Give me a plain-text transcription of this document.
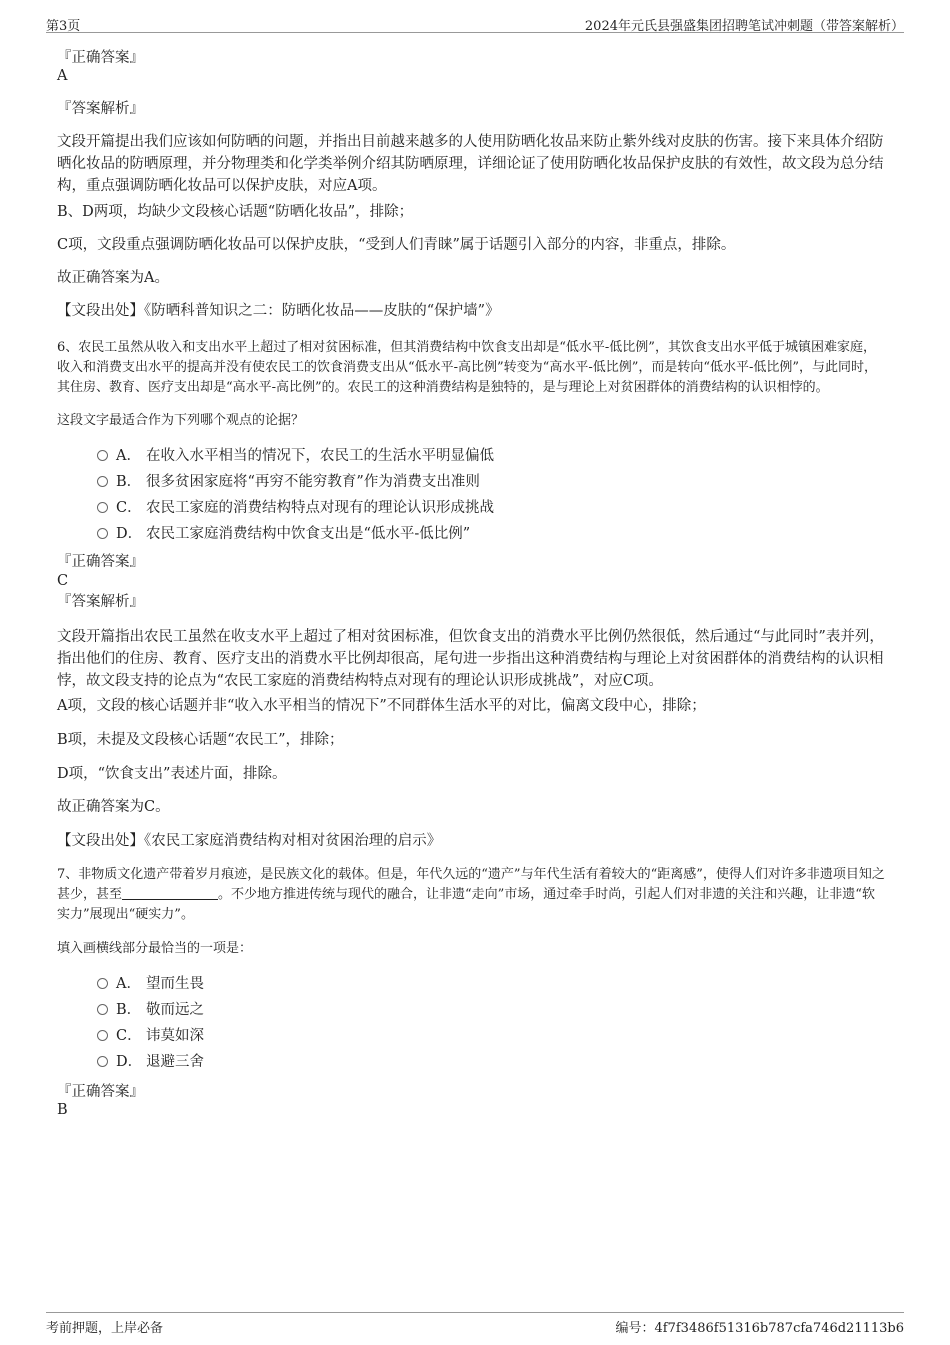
第3页	2024年元氏县强盛集团招聘笔试冲刺题（带答案解析）
『正确答案』
A
『答案解析』
文段开篇提出我们应该如何防晒的问题，并指出目前越来越多的人使用防晒化妆品来防止紫外线对皮肤的伤害。接下来具体介绍防晒化妆品的防晒原理，并分物理类和化学类举例介绍其防晒原理，详细论证了使用防晒化妆品保护皮肤的有效性，故文段为总分结构，重点强调防晒化妆品可以保护皮肤，对应A项。
B、D两项，均缺少文段核心话题“防晒化妆品”，排除；
C项，文段重点强调防晒化妆品可以保护皮肤，“受到人们青睐”属于话题引入部分的内容，非重点，排除。
故正确答案为A。
【文段出处】《防晒科普知识之二：防晒化妆品——皮肤的“保护墙”》
6、农民工虽然从收入和支出水平上超过了相对贫困标准，但其消费结构中饮食支出却是“低水平-低比例”，其饮食支出水平低于城镇困难家庭，收入和消费支出水平的提高并没有使农民工的饮食消费支出从“低水平-高比例”转变为“高水平-低比例”，而是转向“低水平-低比例”，与此同时，其住房、教育、医疗支出却是“高水平-高比例”的。农民工的这种消费结构是独特的，是与理论上对贫困群体的消费结构的认识相悖的。
这段文字最适合作为下列哪个观点的论据？
A． 在收入水平相当的情况下，农民工的生活水平明显偏低
B． 很多贫困家庭将“再穷不能穷教育”作为消费支出准则
C． 农民工家庭的消费结构特点对现有的理论认识形成挑战
D． 农民工家庭消费结构中饮食支出是“低水平-低比例”
『正确答案』
C
『答案解析』
文段开篇指出农民工虽然在收支水平上超过了相对贫困标准，但饮食支出的消费水平比例仍然很低，然后通过“与此同时”表并列，指出他们的住房、教育、医疗支出的消费水平比例却很高，尾句进一步指出这种消费结构与理论上对贫困群体的消费结构的认识相悖，故文段支持的论点为“农民工家庭的消费结构特点对现有的理论认识形成挑战”，对应C项。
A项，文段的核心话题并非“收入水平相当的情况下”不同群体生活水平的对比，偏离文段中心，排除；
B项，未提及文段核心话题“农民工”，排除；
D项，“饮食支出”表述片面，排除。
故正确答案为C。
【文段出处】《农民工家庭消费结构对相对贫困治理的启示》
7、非物质文化遗产带着岁月痕迹，是民族文化的载体。但是，年代久远的“遗产”与年代生活有着较大的“距离感”，使得人们对许多非遗项目知之甚少，甚至	。不少地方推进传统与现代的融合，让非遗“走向”市场，通过牵手时尚，引起人们对非遗的关注和兴趣，让非遗“软实力”展现出“硬实力”。
填入画横线部分最恰当的一项是：
A． 望而生畏
B． 敬而远之
C． 讳莫如深
D． 退避三舍
『正确答案』
B
考前押题，上岸必备	编号：4f7f3486f51316b787cfa746d21113b6
